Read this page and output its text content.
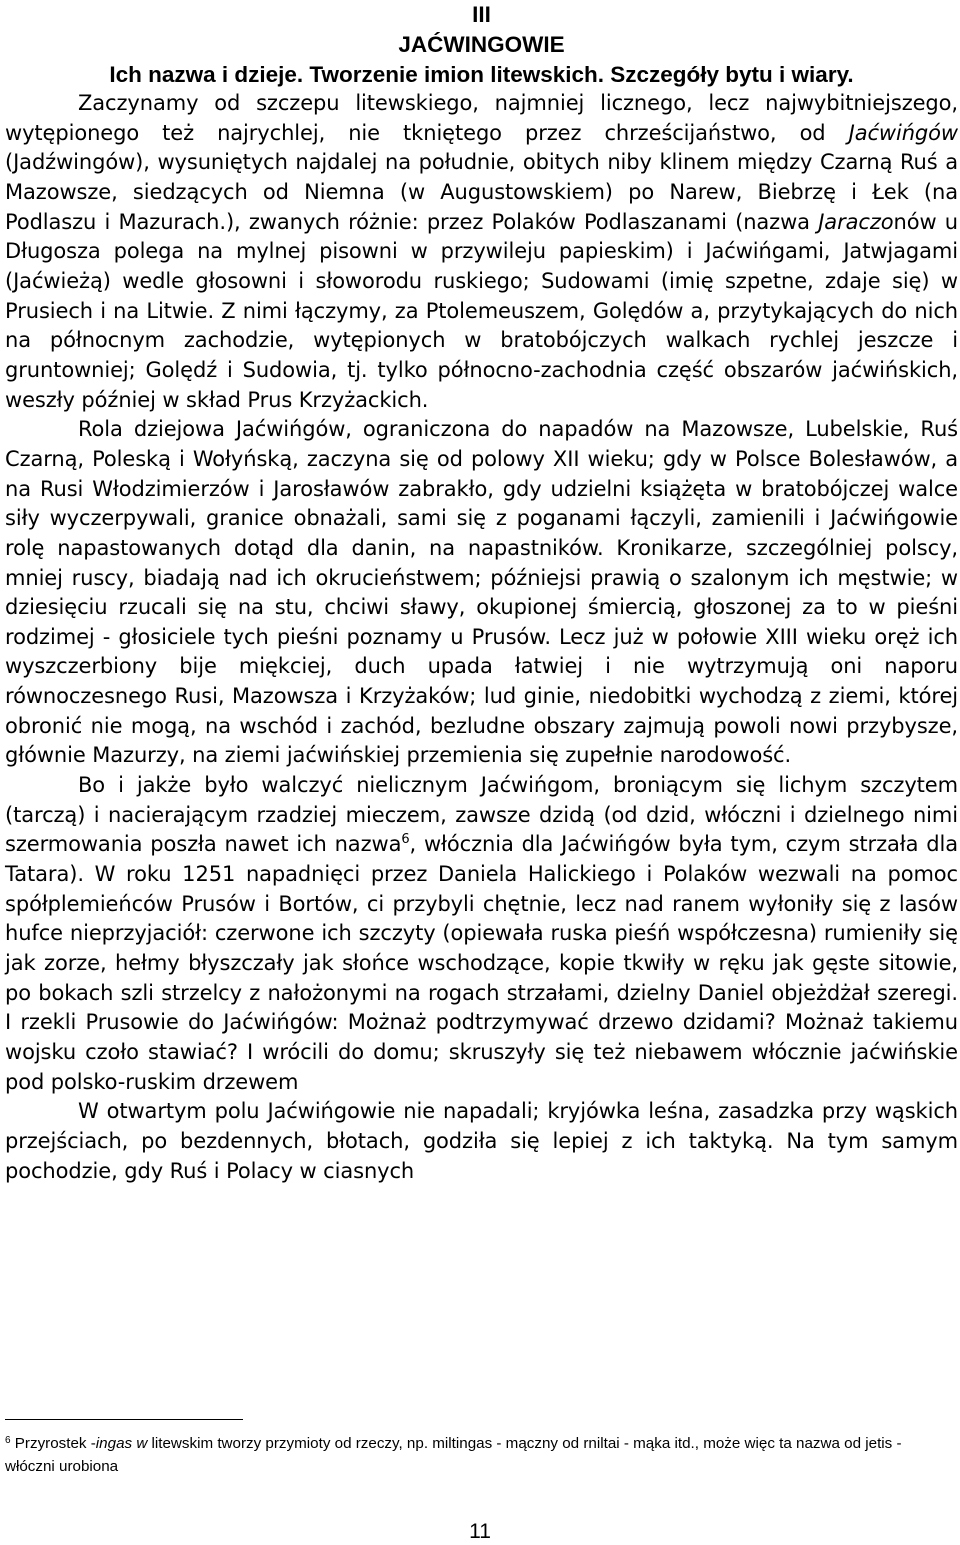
III
JAĆWINGOWIE
Ich nazwa i dzieje. Tworzenie imion litewskich. Szczegóły bytu i wiary.

Zaczynamy od szczepu litewskiego, najmniej licznego, lecz najwybitniejszego, wytępionego też najrychlej, nie tkniętego przez chrześcijaństwo, od Jaćwińgów (Jadźwingów), wysuniętych najdalej na południe, obitych niby klinem między Czarną Ruś a Mazowsze, siedzących od Niemna (w Augustowskiem) po Narew, Biebrzę i Łek (na Podlaszu i Mazurach.), zwanych różnie: przez Polaków Podlaszanami (nazwa Jaraczonów u Długosza polega na mylnej pisowni w przywileju papieskim) i Jaćwińgami, Jatwjagami (Jaćwieżą) wedle głosowni i słoworodu ruskiego; Sudowami (imię szpetne, zdaje się) w Prusiech i na Litwie. Z nimi łączymy, za Ptolemeuszem, Golędów a, przytykających do nich na północnym zachodzie, wytępionych w bratobójczych walkach rychlej jeszcze i gruntowniej; Golędź i Sudowia, tj. tylko północno-zachodnia część obszarów jaćwińskich, weszły później w skład Prus Krzyżackich.

Rola dziejowa Jaćwińgów, ograniczona do napadów na Mazowsze, Lubelskie, Ruś Czarną, Poleską i Wołyńską, zaczyna się od polowy XII wieku; gdy w Polsce Bolesławów, a na Rusi Włodzimierzów i Jarosławów zabrakło, gdy udzielni książęta w bratobójczej walce siły wyczerpywali, granice obnażali, sami się z poganami łączyli, zamienili i Jaćwińgowie rolę napastowanych dotąd dla danin, na napastników. Kronikarze, szczególniej polscy, mniej ruscy, biadają nad ich okrucieństwem; późniejsi prawią o szalonym ich męstwie; w dziesięciu rzucali się na stu, chciwi sławy, okupionej śmiercią, głoszonej za to w pieśni rodzimej - głosiciele tych pieśni poznamy u Prusów. Lecz już w połowie XIII wieku oręż ich wyszczerbiony bije miękciej, duch upada łatwiej i nie wytrzymują oni naporu równoczesnego Rusi, Mazowsza i Krzyżaków; lud ginie, niedobitki wychodzą z ziemi, której obronić nie mogą, na wschód i zachód, bezludne obszary zajmują powoli nowi przybysze, głównie Mazurzy, na ziemi jaćwińskiej przemienia się zupełnie narodowość.

Bo i jakże było walczyć nielicznym Jaćwińgom, broniącym się lichym szczytem (tarczą) i nacierającym rzadziej mieczem, zawsze dzidą (od dzid, włóczni i dzielnego nimi szermowania poszła nawet ich nazwa$^6$, włócznia dla Jaćwińgów była tym, czym strzała dla Tatara). W roku 1251 napadnięci przez Daniela Halickiego i Polaków wezwali na pomoc spółplemieńców Prusów i Bortów, ci przybyli chętnie, lecz nad ranem wyłoniły się z lasów hufce nieprzyjaciół: czerwone ich szczyty (opiewała ruska pieśń współczesna) rumieniły się jak zorze, hełmy błyszczały jak słońce wschodzące, kopie tkwiły w ręku jak gęste sitowie, po bokach szli strzelcy z nałożonymi na rogach strzałami, dzielny Daniel objeżdżał szeregi. I rzekli Prusowie do Jaćwińgów: Możnaż podtrzymywać drzewo dzidami? Możnaż takiemu wojsku czoło stawiać? I wrócili do domu; skruszyły się też niebawem włócznie jaćwińskie pod polsko-ruskim drzewem

W otwartym polu Jaćwińgowie nie napadali; kryjówka leśna, zasadzka przy wąskich przejściach, po bezdennych, błotach, godziła się lepiej z ich taktyką. Na tym samym pochodzie, gdy Ruś i Polacy w ciasnych

$^6$ Przyrostek -ingas w litewskim tworzy przymioty od rzeczy, np. miltingas - mączny od rniltai - mąka itd., może więc ta nazwa od jetis - włóczni urobiona

11
